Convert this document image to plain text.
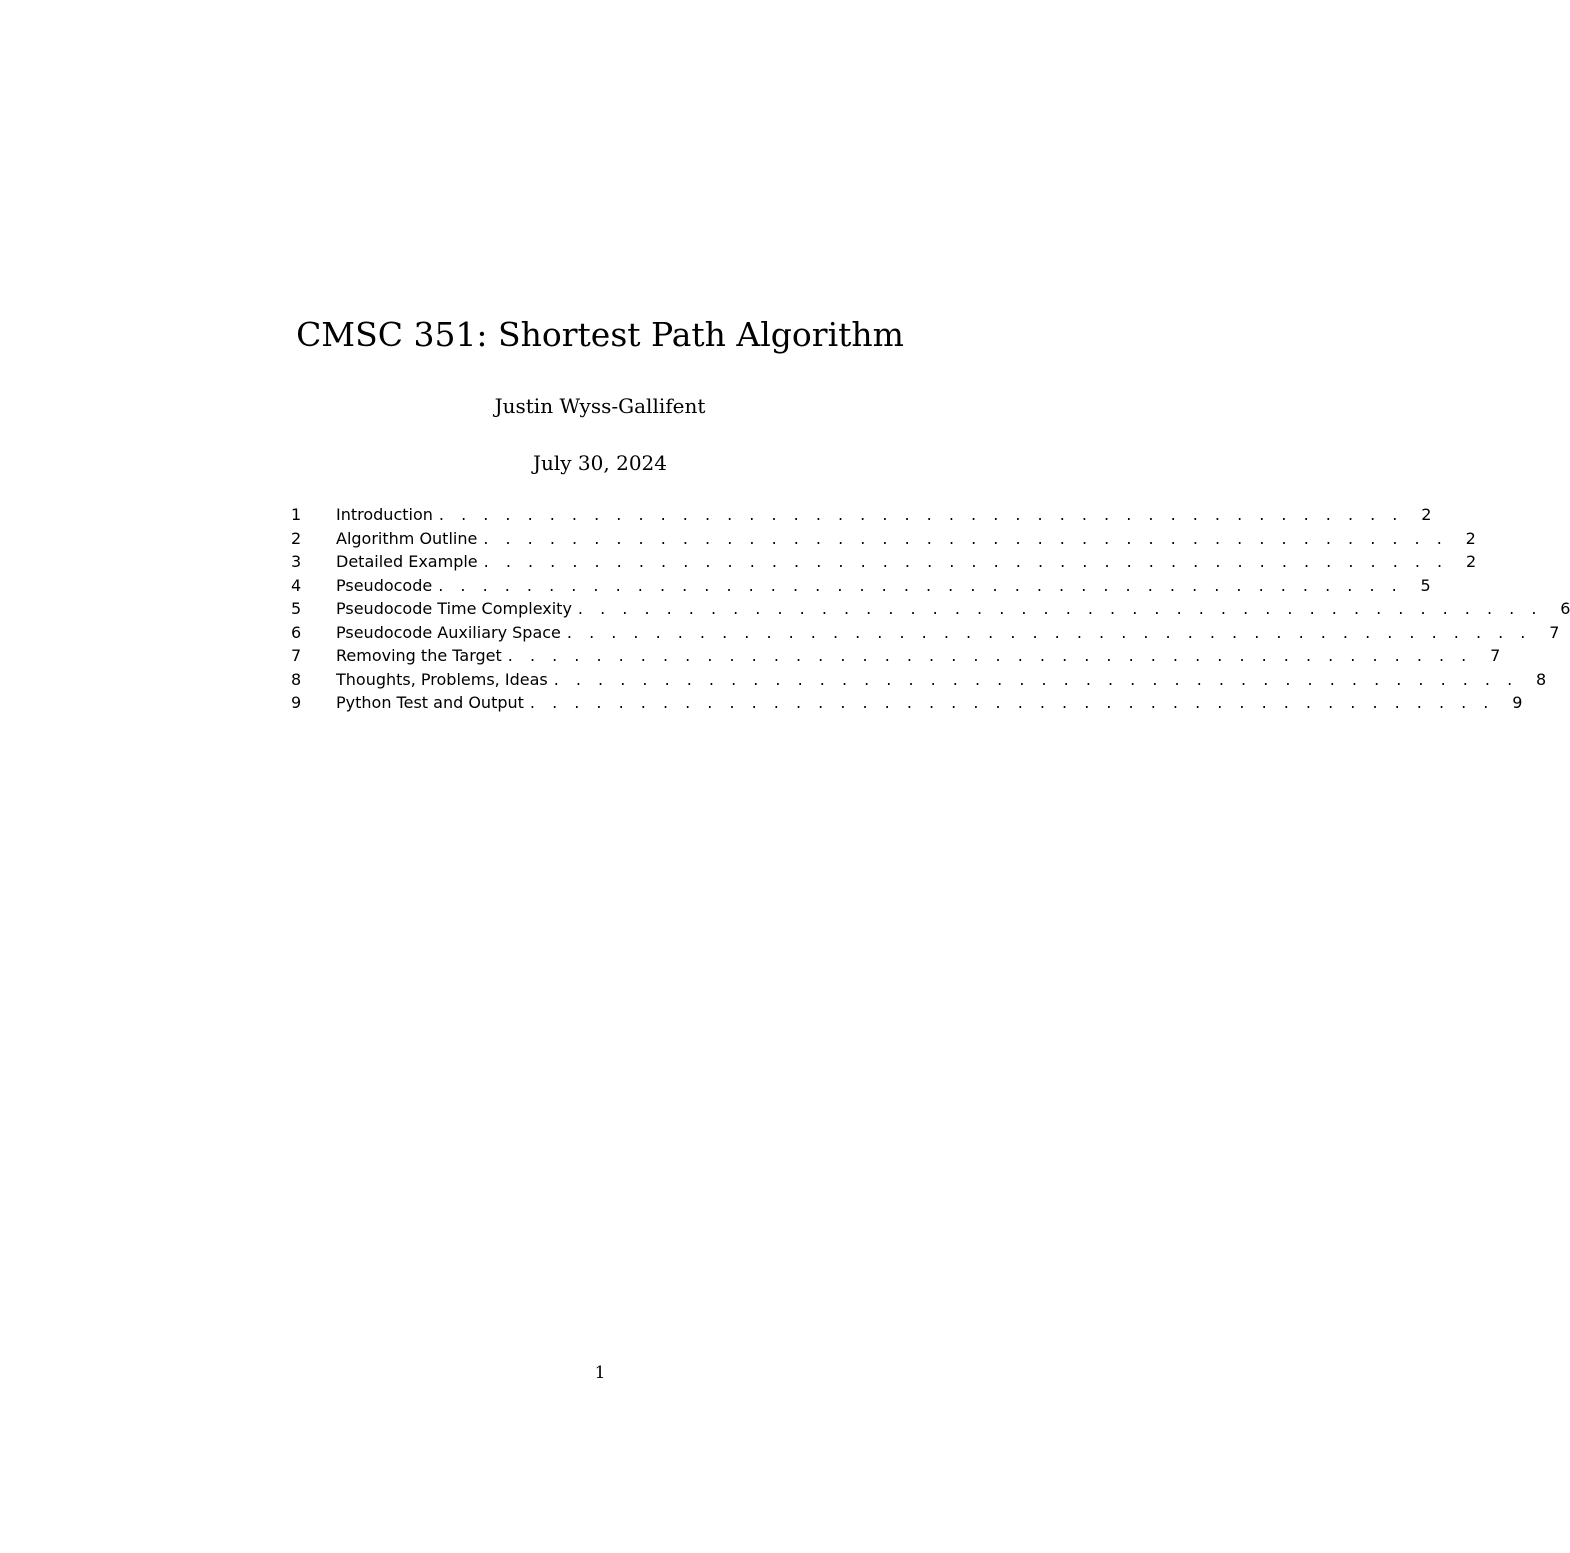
CMSC 351: Shortest Path Algorithm
Justin Wyss-Gallifent
July 30, 2024
1	Introduction . . . . . . . . . . . . . . . . . . . . . . . . . . . . . . . . . . . . . . . . . . . .	2
2	Algorithm Outline . . . . . . . . . . . . . . . . . . . . . . . . . . . . . . . . . . . . . . . . . . . .	2
3	Detailed Example . . . . . . . . . . . . . . . . . . . . . . . . . . . . . . . . . . . . . . . . . . . .	2
4	Pseudocode . . . . . . . . . . . . . . . . . . . . . . . . . . . . . . . . . . . . . . . . . . . .	5
5	Pseudocode Time Complexity . . . . . . . . . . . . . . . . . . . . . . . . . . . . . . . . . . . . . . . . . . . .	6
6	Pseudocode Auxiliary Space . . . . . . . . . . . . . . . . . . . . . . . . . . . . . . . . . . . . . . . . . . . .	7
7	Removing the Target . . . . . . . . . . . . . . . . . . . . . . . . . . . . . . . . . . . . . . . . . . . .	7
8	Thoughts, Problems, Ideas . . . . . . . . . . . . . . . . . . . . . . . . . . . . . . . . . . . . . . . . . . . .	8
9	Python Test and Output . . . . . . . . . . . . . . . . . . . . . . . . . . . . . . . . . . . . . . . . . . . .	9
1
